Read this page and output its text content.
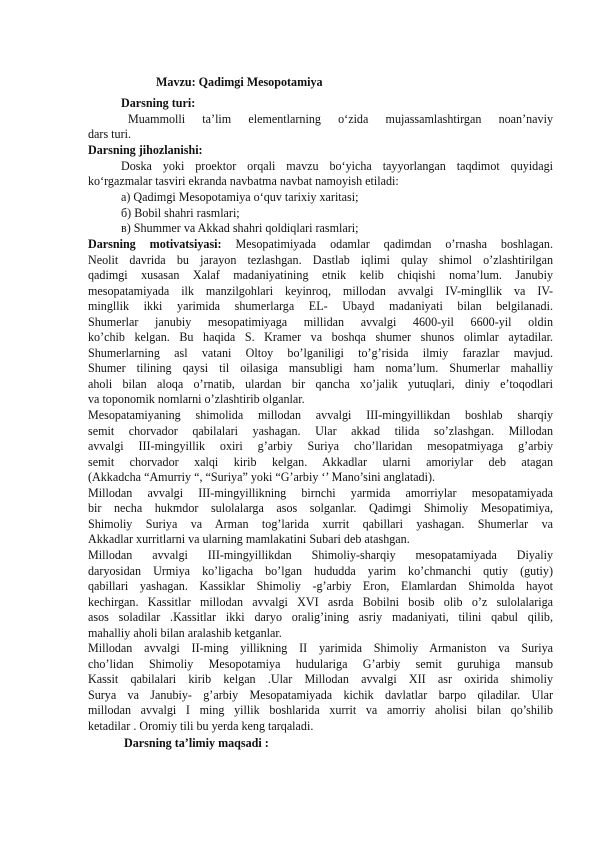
Mavzu: Qadimgi Mesopotamiya
Darsning turi:
Muammolli ta’lim elementlarning o‘zida mujassamlashtirgan noan’naviy
dars turi.
Darsning jihozlanishi:
Doska yoki proektor orqali mavzu bo‘yicha tayyorlangan taqdimot quyidagi
ko‘rgazmalar tasviri ekranda navbatma navbat namoyish etiladi:
a) Qadimgi Mesopotamiya o‘quv tarixiy xaritasi;
б) Bobil shahri rasmlari;
в) Shummer va Akkad shahri qoldiqlari rasmlari;
Darsning motivatsiyasi: Mesopatimiyada odamlar qadimdan o’rnasha boshlagan.
Neolit davrida bu jarayon tezlashgan. Dastlab iqlimi qulay shimol o’zlashtirilgan
qadimgi xusasan Xalaf madaniyatining etnik kelib chiqishi noma’lum. Janubiy
mesopatamiyada ilk manzilgohlari keyinroq, millodan avvalgi IV-mingllik va IV-
mingllik ikki yarimida shumerlarga EL- Ubayd madaniyati bilan belgilanadi.
Shumerlar janubiy mesopatimiyaga millidan avvalgi 4600-yil 6600-yil oldin
ko’chib kelgan. Bu haqida S. Kramer va boshqa shumer shunos olimlar aytadilar.
Shumerlarning asl vatani Oltoy bo’lganiligi to’g’risida ilmiy farazlar mavjud.
Shumer tilining qaysi til oilasiga mansubligi ham noma’lum. Shumerlar mahalliy
aholi bilan aloqa o’rnatib, ulardan bir qancha xo’jalik yutuqlari, diniy e’toqodlari
va toponomik nomlarni o’zlashtirib olganlar.
Mesopatamiyaning shimolida millodan avvalgi III-mingyillikdan boshlab sharqiy
semit chorvador qabilalari yashagan. Ular akkad tilida so’zlashgan. Millodan
avvalgi III-mingyillik oxiri g’arbiy Suriya cho’llaridan mesopatmiyaga g’arbiy
semit chorvador xalqi kirib kelgan. Akkadlar ularni amoriylar deb atagan
(Akkadcha “Amurriy “, “Suriya” yoki “G’arbiy ‘’ Mano’sini anglatadi).
Millodan avvalgi III-mingyillikning birnchi yarmida amorriylar mesopatamiyada
bir necha hukmdor sulolalarga asos solganlar. Qadimgi Shimoliy Mesopatimiya,
Shimoliy Suriya va Arman tog’larida xurrit qabillari yashagan. Shumerlar va
Akkadlar xurritlarni va ularning mamlakatini Subari deb atashgan.
Millodan avvalgi III-mingyillikdan Shimoliy-sharqiy mesopatamiyada Diyaliy
daryosidan Urmiya ko’ligacha bo’lgan hududda yarim ko’chmanchi qutiy (gutiy)
qabillari yashagan. Kassiklar Shimoliy -g’arbiy Eron, Elamlardan Shimolda hayot
kechirgan. Kassitlar millodan avvalgi XVI asrda Bobilni bosib olib o’z sulolalariga
asos soladilar .Kassitlar ikki daryo oralig’ining asriy madaniyati, tilini qabul qilib,
mahalliy aholi bilan aralashib ketganlar.
Millodan avvalgi II-ming yillikning II yarimida Shimoliy Armaniston va Suriya
cho’lidan Shimoliy Mesopotamiya hudulariga G’arbiy semit guruhiga mansub
Kassit qabilalari kirib kelgan .Ular Millodan avvalgi XII asr oxirida shimoliy
Surya va Janubiy- g’arbiy Mesopatamiyada kichik davlatlar barpo qiladilar. Ular
millodan avvalgi I ming yillik boshlarida xurrit va amorriy aholisi bilan qo’shilib
ketadilar . Oromiy tili bu yerda keng tarqaladi.
Darsning ta’limiy maqsadi :
